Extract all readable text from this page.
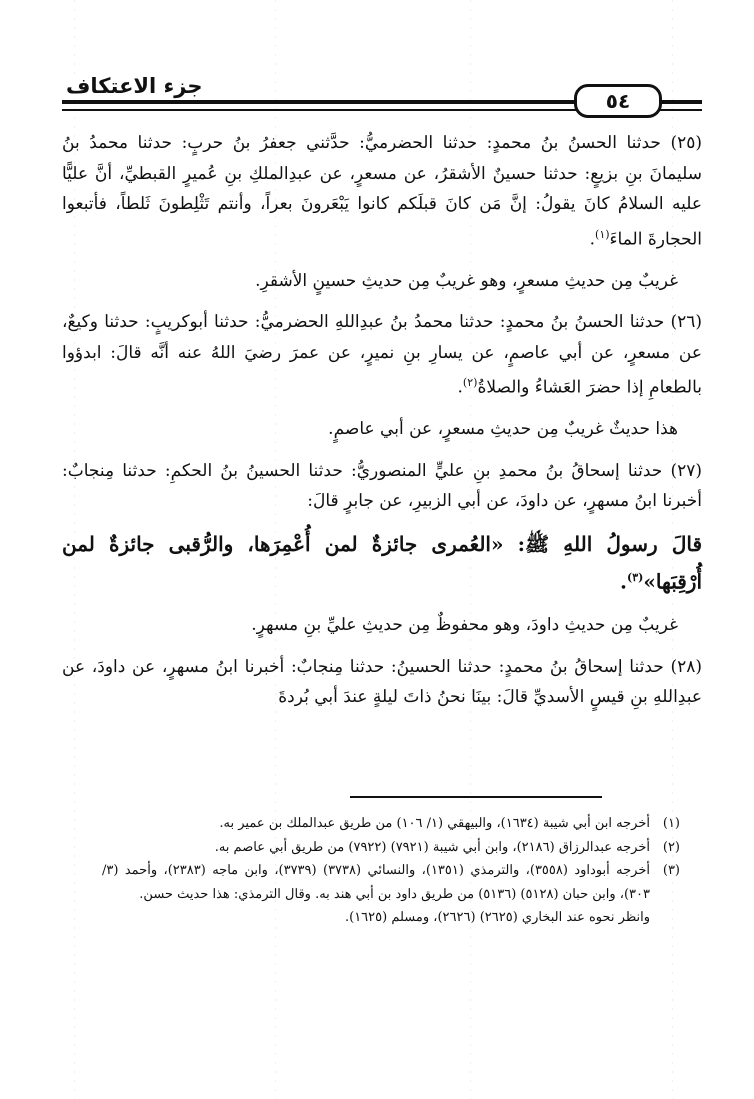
جزء الاعتكاف
٥٤

(٢٥) حدثنا الحسنُ بنُ محمدٍ: حدثنا الحضرميُّ: حدَّثني جعفرُ بنُ حربٍ: حدثنا محمدُ بنُ سليمانَ بنِ بزيعٍ: حدثنا حسينٌ الأشقرُ، عن مسعرٍ، عن عبدِالملكِ بنِ عُميرٍ القبطيِّ، أنَّ عليًّا عليه السلامُ كانَ يقولُ: إنَّ مَن كانَ قبلَكم كانوا يَبْعَرونَ بعراً، وأنتم تَثْلِطونَ ثَلطاً، فأتبعوا الحجارةَ الماءَ$^{(١)}$.

غريبٌ مِن حديثِ مسعرٍ، وهو غريبٌ مِن حديثِ حسينٍ الأشقرِ.

(٢٦) حدثنا الحسنُ بنُ محمدٍ: حدثنا محمدُ بنُ عبدِاللهِ الحضرميُّ: حدثنا أبوكريبٍ: حدثنا وكيعٌ، عن مسعرٍ، عن أبي عاصمٍ، عن يسارِ بنِ نميرٍ، عن عمرَ رضيَ اللهُ عنه أنَّه قالَ: ابدؤوا بالطعامِ إذا حضرَ العَشاءُ والصلاةُ$^{(٢)}$.

هذا حديثٌ غريبٌ مِن حديثِ مسعرٍ، عن أبي عاصمٍ.

(٢٧) حدثنا إسحاقُ بنُ محمدِ بنِ عليٍّ المنصوريُّ: حدثنا الحسينُ بنُ الحكمِ: حدثنا مِنجابٌ: أخبرنا ابنُ مسهرٍ، عن داودَ، عن أبي الزبيرِ، عن جابرٍ قالَ:

قالَ رسولُ اللهِ ﷺ: «العُمرى جائزةٌ لمن أُعْمِرَها، والرُّقبى جائزةٌ لمن أُرْقِبَها»$^{(٣)}$.

غريبٌ مِن حديثِ داودَ، وهو محفوظٌ مِن حديثِ عليِّ بنِ مسهرٍ.

(٢٨) حدثنا إسحاقُ بنُ محمدٍ: حدثنا الحسينُ: حدثنا مِنجابٌ: أخبرنا ابنُ مسهرٍ، عن داودَ، عن عبدِاللهِ بنِ قيسٍ الأسديِّ قالَ: بينَا نحنُ ذاتَ ليلةٍ عندَ أبي بُردةَ

(١)
أخرجه ابن أبي شيبة (١٦٣٤)، والبيهقي (١/ ١٠٦) من طريق عبدالملك بن عمير به.
(٢)
أخرجه عبدالرزاق (٢١٨٦)، وابن أبي شيبة (٧٩٢١) (٧٩٢٢) من طريق أبي عاصم به.
(٣)
أخرجه أبوداود (٣٥٥٨)، والترمذي (١٣٥١)، والنسائي (٣٧٣٨) (٣٧٣٩)، وابن ماجه (٢٣٨٣)، وأحمد (٣/ ٣٠٣)، وابن حبان (٥١٢٨) (٥١٣٦) من طريق داود بن أبي هند به. وقال الترمذي: هذا حديث حسن.
وانظر نحوه عند البخاري (٢٦٢٥) (٢٦٢٦)، ومسلم (١٦٢٥).
